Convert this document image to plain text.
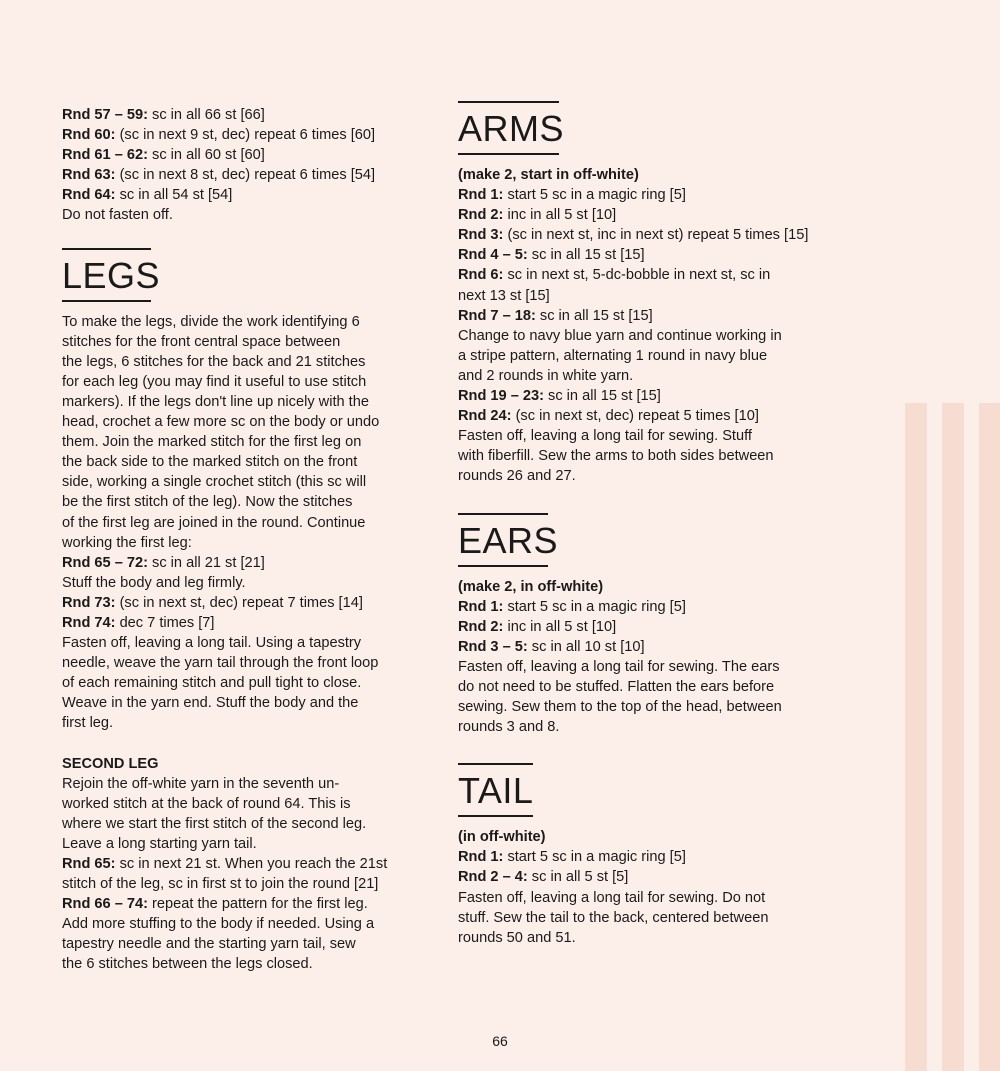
Rnd 57 – 59: sc in all 66 st [66]
Rnd 60: (sc in next 9 st, dec) repeat 6 times [60]
Rnd 61 – 62: sc in all 60 st [60]
Rnd 63: (sc in next 8 st, dec) repeat 6 times [54]
Rnd 64: sc in all 54 st [54]
Do not fasten off.
LEGS
To make the legs, divide the work identifying 6
stitches for the front central space between
the legs, 6 stitches for the back and 21 stitches
for each leg (you may find it useful to use stitch
markers). If the legs don't line up nicely with the
head, crochet a few more sc on the body or undo
them. Join the marked stitch for the first leg on
the back side to the marked stitch on the front
side, working a single crochet stitch (this sc will
be the first stitch of the leg). Now the stitches
of the first leg are joined in the round. Continue
working the first leg:
Rnd 65 – 72: sc in all 21 st [21]
Stuff the body and leg firmly.
Rnd 73: (sc in next st, dec) repeat 7 times [14]
Rnd 74: dec 7 times [7]
Fasten off, leaving a long tail. Using a tapestry
needle, weave the yarn tail through the front loop
of each remaining stitch and pull tight to close.
Weave in the yarn end. Stuff the body and the
first leg.
SECOND LEG
Rejoin the off-white yarn in the seventh un-
worked stitch at the back of round 64. This is
where we start the first stitch of the second leg.
Leave a long starting yarn tail.
Rnd 65: sc in next 21 st. When you reach the 21st
stitch of the leg, sc in first st to join the round [21]
Rnd 66 – 74: repeat the pattern for the first leg.
Add more stuffing to the body if needed. Using a
tapestry needle and the starting yarn tail, sew
the 6 stitches between the legs closed.
ARMS
(make 2, start in off-white)
Rnd 1: start 5 sc in a magic ring [5]
Rnd 2: inc in all 5 st [10]
Rnd 3: (sc in next st, inc in next st) repeat 5 times [15]
Rnd 4 – 5: sc in all 15 st [15]
Rnd 6: sc in next st, 5-dc-bobble in next st, sc in
next 13 st [15]
Rnd 7 – 18: sc in all 15 st [15]
Change to navy blue yarn and continue working in
a stripe pattern, alternating 1 round in navy blue
and 2 rounds in white yarn.
Rnd 19 – 23: sc in all 15 st [15]
Rnd 24: (sc in next st, dec) repeat 5 times [10]
Fasten off, leaving a long tail for sewing. Stuff
with fiberfill. Sew the arms to both sides between
rounds 26 and 27.
EARS
(make 2, in off-white)
Rnd 1: start 5 sc in a magic ring [5]
Rnd 2: inc in all 5 st [10]
Rnd 3 – 5: sc in all 10 st [10]
Fasten off, leaving a long tail for sewing. The ears
do not need to be stuffed. Flatten the ears before
sewing. Sew them to the top of the head, between
rounds 3 and 8.
TAIL
(in off-white)
Rnd 1: start 5 sc in a magic ring [5]
Rnd 2 – 4: sc in all 5 st [5]
Fasten off, leaving a long tail for sewing. Do not
stuff. Sew the tail to the back, centered between
rounds 50 and 51.
66
